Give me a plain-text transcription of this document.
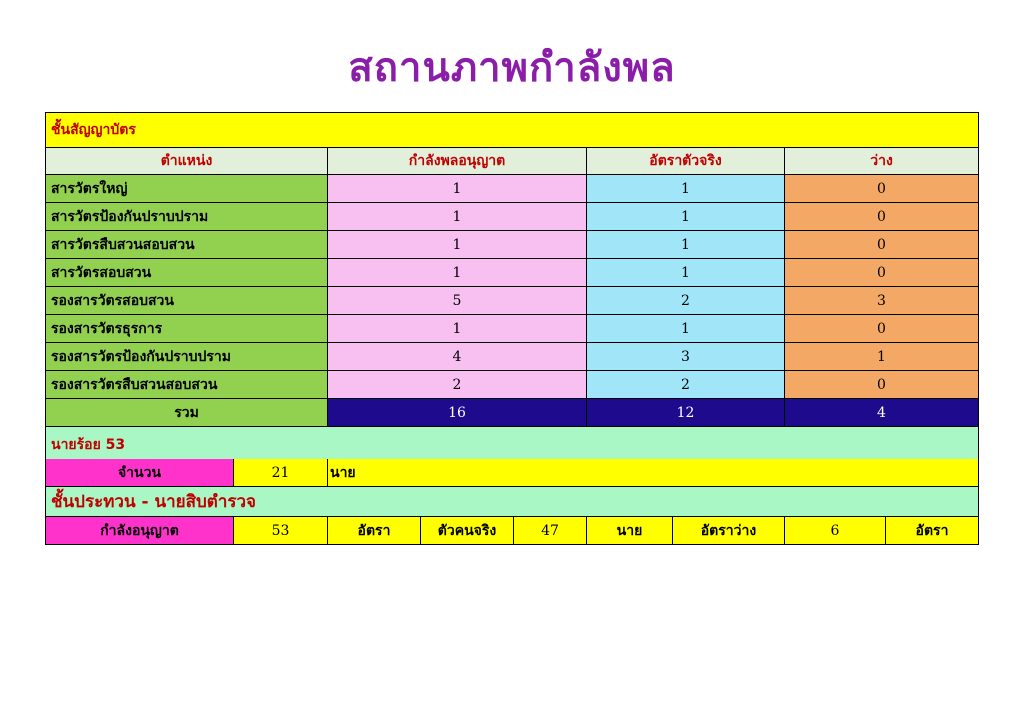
สถานภาพกำลังพล
ชั้นสัญญาบัตร
ตำแหน่ง	กำลังพลอนุญาต	อัตราตัวจริง	ว่าง
สารวัตรใหญ่	1	1	0
สารวัตรป้องกันปราบปราม	1	1	0
สารวัตรสืบสวนสอบสวน	1	1	0
สารวัตรสอบสวน	1	1	0
รองสารวัตรสอบสวน	5	2	3
รองสารวัตรธุรการ	1	1	0
รองสารวัตรป้องกันปราบปราม	4	3	1
รองสารวัตรสืบสวนสอบสวน	2	2	0
รวม	16	12	4
นายร้อย 53
จำนวน	21	นาย
ชั้นประทวน - นายสิบตำรวจ
กำลังอนุญาต	53	อัตรา	ตัวคนจริง	47	นาย	อัตราว่าง	6	อัตรา
